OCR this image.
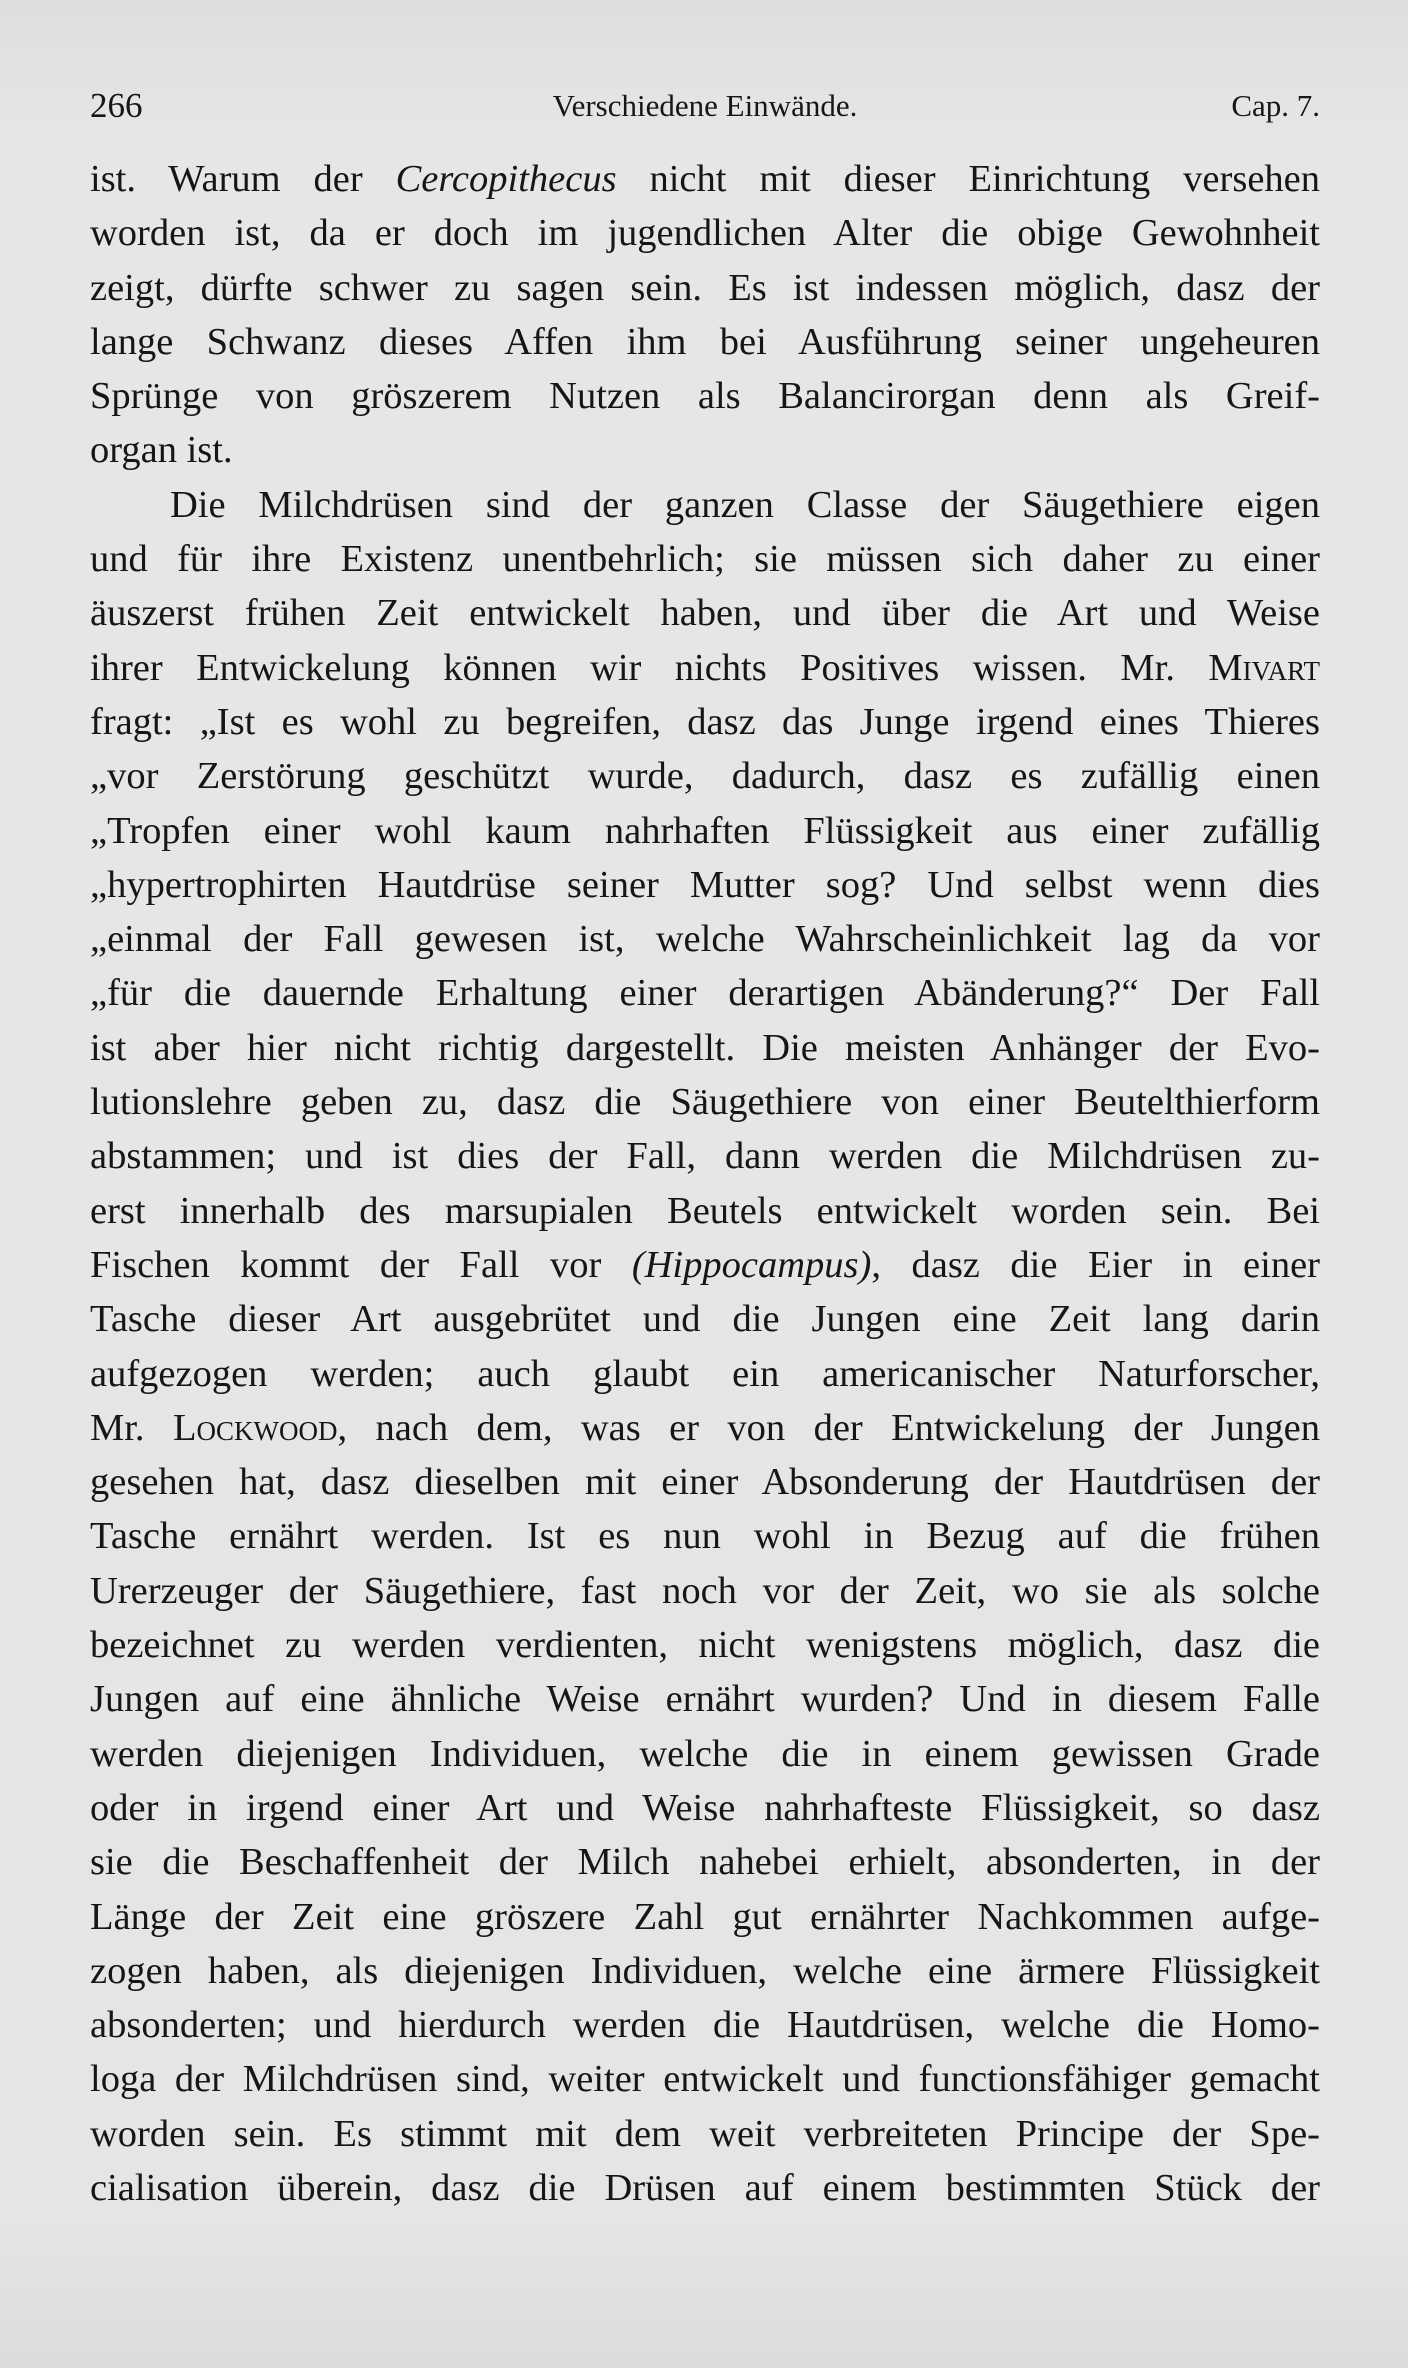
266	Verschiedene Einwände.	Cap. 7.
ist. Warum der Cercopithecus nicht mit dieser Einrichtung versehen
worden ist, da er doch im jugendlichen Alter die obige Gewohnheit
zeigt, dürfte schwer zu sagen sein. Es ist indessen möglich, dasz der
lange Schwanz dieses Affen ihm bei Ausführung seiner ungeheuren
Sprünge von gröszerem Nutzen als Balancirorgan denn als Greif-
organ ist.
Die Milchdrüsen sind der ganzen Classe der Säugethiere eigen
und für ihre Existenz unentbehrlich; sie müssen sich daher zu einer
äuszerst frühen Zeit entwickelt haben, und über die Art und Weise
ihrer Entwickelung können wir nichts Positives wissen. Mr. Mivart
fragt: „Ist es wohl zu begreifen, dasz das Junge irgend eines Thieres
„vor Zerstörung geschützt wurde, dadurch, dasz es zufällig einen
„Tropfen einer wohl kaum nahrhaften Flüssigkeit aus einer zufällig
„hypertrophirten Hautdrüse seiner Mutter sog? Und selbst wenn dies
„einmal der Fall gewesen ist, welche Wahrscheinlichkeit lag da vor
„für die dauernde Erhaltung einer derartigen Abänderung?“ Der Fall
ist aber hier nicht richtig dargestellt. Die meisten Anhänger der Evo-
lutionslehre geben zu, dasz die Säugethiere von einer Beutelthierform
abstammen; und ist dies der Fall, dann werden die Milchdrüsen zu-
erst innerhalb des marsupialen Beutels entwickelt worden sein. Bei
Fischen kommt der Fall vor (Hippocampus), dasz die Eier in einer
Tasche dieser Art ausgebrütet und die Jungen eine Zeit lang darin
aufgezogen werden; auch glaubt ein americanischer Naturforscher,
Mr. Lockwood, nach dem, was er von der Entwickelung der Jungen
gesehen hat, dasz dieselben mit einer Absonderung der Hautdrüsen der
Tasche ernährt werden. Ist es nun wohl in Bezug auf die frühen
Urerzeuger der Säugethiere, fast noch vor der Zeit, wo sie als solche
bezeichnet zu werden verdienten, nicht wenigstens möglich, dasz die
Jungen auf eine ähnliche Weise ernährt wurden? Und in diesem Falle
werden diejenigen Individuen, welche die in einem gewissen Grade
oder in irgend einer Art und Weise nahrhafteste Flüssigkeit, so dasz
sie die Beschaffenheit der Milch nahebei erhielt, absonderten, in der
Länge der Zeit eine gröszere Zahl gut ernährter Nachkommen aufge-
zogen haben, als diejenigen Individuen, welche eine ärmere Flüssigkeit
absonderten; und hierdurch werden die Hautdrüsen, welche die Homo-
loga der Milchdrüsen sind, weiter entwickelt und functionsfähiger gemacht
worden sein. Es stimmt mit dem weit verbreiteten Principe der Spe-
cialisation überein, dasz die Drüsen auf einem bestimmten Stück der
